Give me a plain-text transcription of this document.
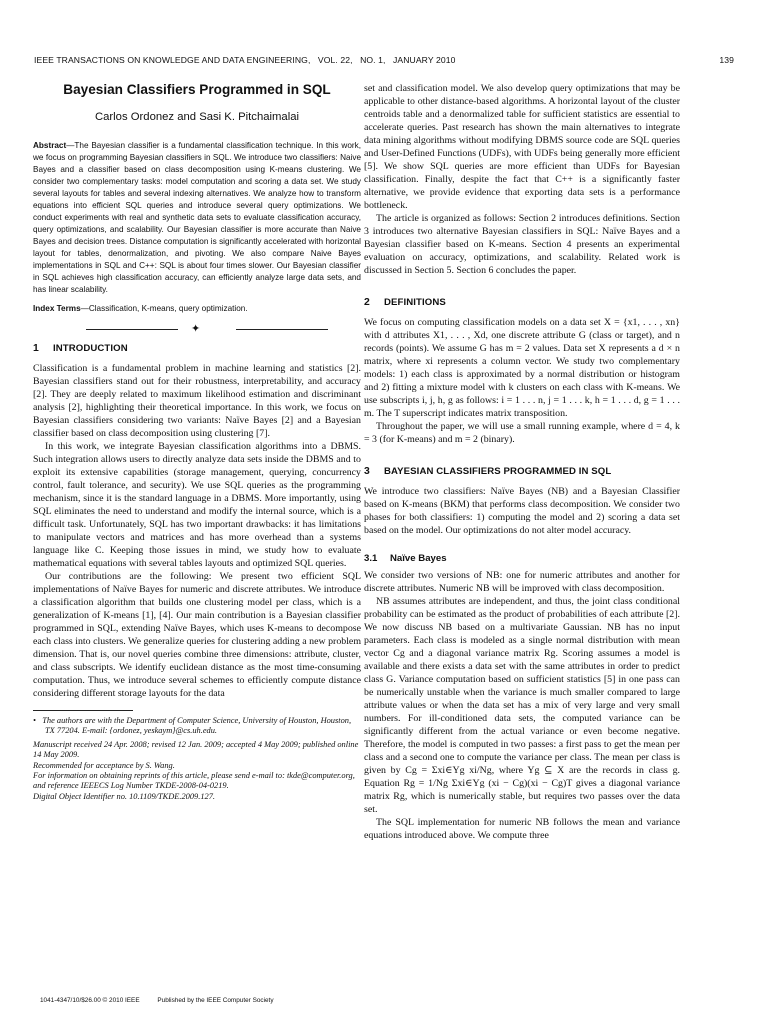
IEEE TRANSACTIONS ON KNOWLEDGE AND DATA ENGINEERING, VOL. 22, NO. 1, JANUARY 2010	139
Bayesian Classifiers Programmed in SQL
Carlos Ordonez and Sasi K. Pitchaimalai

Abstract—The Bayesian classifier is a fundamental classification technique. In this work, we focus on programming Bayesian classifiers in SQL. We introduce two classifiers: Naive Bayes and a classifier based on class decomposition using K-means clustering. We consider two complementary tasks: model computation and scoring a data set. We study several layouts for tables and several indexing alternatives. We analyze how to transform equations into efficient SQL queries and introduce several query optimizations. We conduct experiments with real and synthetic data sets to evaluate classification accuracy, query optimizations, and scalability. Our Bayesian classifier is more accurate than Naive Bayes and decision trees. Distance computation is significantly accelerated with horizontal layout for tables, denormalization, and pivoting. We also compare Naive Bayes implementations in SQL and C++: SQL is about four times slower. Our Bayesian classifier in SQL achieves high classification accuracy, can efficiently analyze large data sets, and has linear scalability.

Index Terms—Classification, K-means, query optimization.

✦
1 INTRODUCTION

Classification is a fundamental problem in machine learning and statistics [2]. Bayesian classifiers stand out for their robustness, interpretability, and accuracy [2]. They are deeply related to maximum likelihood estimation and discriminant analysis [2], highlighting their theoretical importance. In this work, we focus on Bayesian classifiers considering two variants: Naïve Bayes [2] and a Bayesian classifier based on class decomposition using clustering [7].

In this work, we integrate Bayesian classification algorithms into a DBMS. Such integration allows users to directly analyze data sets inside the DBMS and to exploit its extensive capabilities (storage management, querying, concurrency control, fault tolerance, and security). We use SQL queries as the programming mechanism, since it is the standard language in a DBMS. More importantly, using SQL eliminates the need to understand and modify the internal source, which is a difficult task. Unfortunately, SQL has two important drawbacks: it has limitations to manipulate vectors and matrices and has more overhead than a systems language like C. Keeping those issues in mind, we study how to evaluate mathematical equations with several tables layouts and optimized SQL queries.

Our contributions are the following: We present two efficient SQL implementations of Naïve Bayes for numeric and discrete attributes. We introduce a classification algorithm that builds one clustering model per class, which is a generalization of K-means [1], [4]. Our main contribution is a Bayesian classifier programmed in SQL, extending Naïve Bayes, which uses K-means to decompose each class into clusters. We generalize queries for clustering adding a new problem dimension. That is, our novel queries combine three dimensions: attribute, cluster, and class subscripts. We identify euclidean distance as the most time-consuming computation. Thus, we introduce several schemes to efficiently compute distance considering different storage layouts for the data

•   The authors are with the Department of Computer Science, University of Houston, Houston, TX 77204. E-mail: {ordonez, yeskaym}@cs.uh.edu.

Manuscript received 24 Apr. 2008; revised 12 Jan. 2009; accepted 4 May 2009; published online 14 May 2009.

Recommended for acceptance by S. Wang.

For information on obtaining reprints of this article, please send e-mail to: tkde@computer.org, and reference IEEECS Log Number TKDE-2008-04-0219.

Digital Object Identifier no. 10.1109/TKDE.2009.127.

set and classification model. We also develop query optimizations that may be applicable to other distance-based algorithms. A horizontal layout of the cluster centroids table and a denormalized table for sufficient statistics are essential to accelerate queries. Past research has shown the main alternatives to integrate data mining algorithms without modifying DBMS source code are SQL queries and User-Defined Functions (UDFs), with UDFs being generally more efficient [5]. We show SQL queries are more efficient than UDFs for Bayesian classification. Finally, despite the fact that C++ is a significantly faster alternative, we provide evidence that exporting data sets is a performance bottleneck.

The article is organized as follows: Section 2 introduces definitions. Section 3 introduces two alternative Bayesian classifiers in SQL: Naïve Bayes and a Bayesian classifier based on K-means. Section 4 presents an experimental evaluation on accuracy, optimizations, and scalability. Related work is discussed in Section 5. Section 6 concludes the paper.

2 DEFINITIONS

We focus on computing classification models on a data set X = {x1, . . . , xn} with d attributes X1, . . . , Xd, one discrete attribute G (class or target), and n records (points). We assume G has m = 2 values. Data set X represents a d × n matrix, where xi represents a column vector. We study two complementary models: 1) each class is approximated by a normal distribution or histogram and 2) fitting a mixture model with k clusters on each class with K-means. We use subscripts i, j, h, g as follows: i = 1 . . . n, j = 1 . . . k, h = 1 . . . d, g = 1 . . . m. The T superscript indicates matrix transposition.

Throughout the paper, we will use a small running example, where d = 4, k = 3 (for K-means) and m = 2 (binary).

3 BAYESIAN CLASSIFIERS PROGRAMMED IN SQL

We introduce two classifiers: Naïve Bayes (NB) and a Bayesian Classifier based on K-means (BKM) that performs class decomposition. We consider two phases for both classifiers: 1) computing the model and 2) scoring a data set based on the model. Our optimizations do not alter model accuracy.

3.1 Naïve Bayes

We consider two versions of NB: one for numeric attributes and another for discrete attributes. Numeric NB will be improved with class decomposition.

NB assumes attributes are independent, and thus, the joint class conditional probability can be estimated as the product of probabilities of each attribute [2]. We now discuss NB based on a multivariate Gaussian. NB has no input parameters. Each class is modeled as a single normal distribution with mean vector Cg and a diagonal variance matrix Rg. Scoring assumes a model is available and there exists a data set with the same attributes in order to predict class G. Variance computation based on sufficient statistics [5] in one pass can be numerically unstable when the variance is much smaller compared to large attribute values or when the data set has a mix of very large and very small numbers. For ill-conditioned data sets, the computed variance can be significantly different from the actual variance or even become negative. Therefore, the model is computed in two passes: a first pass to get the mean per class and a second one to compute the variance per class. The mean per class is given by Cg = Σxi∈Yg xi/Ng, where Yg ⊆ X are the records in class g. Equation Rg = 1/Ng Σxi∈Yg (xi − Cg)(xi − Cg)T gives a diagonal variance matrix Rg, which is numerically stable, but requires two passes over the data set.

The SQL implementation for numeric NB follows the mean and variance equations introduced above. We compute three

1041-4347/10/$26.00 © 2010 IEEE	Published by the IEEE Computer Society
